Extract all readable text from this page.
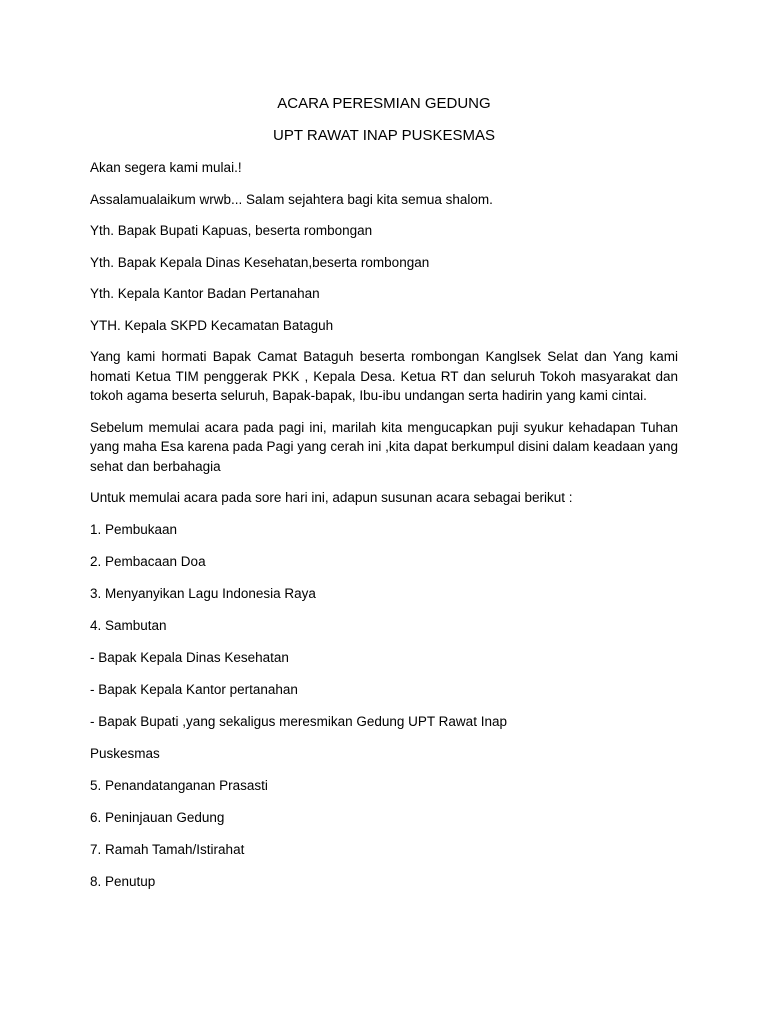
ACARA PERESMIAN GEDUNG

UPT RAWAT INAP PUSKESMAS

Akan segera kami mulai.!

Assalamualaikum wrwb... Salam sejahtera bagi kita semua shalom.

Yth. Bapak Bupati Kapuas, beserta rombongan

Yth. Bapak Kepala Dinas Kesehatan,beserta rombongan

Yth. Kepala Kantor Badan Pertanahan

YTH. Kepala SKPD Kecamatan Bataguh

Yang kami hormati Bapak Camat Bataguh beserta rombongan Kanglsek Selat dan Yang kami homati Ketua TIM penggerak PKK , Kepala Desa. Ketua RT dan seluruh Tokoh masyarakat dan tokoh agama beserta seluruh, Bapak-bapak, Ibu-ibu undangan serta hadirin yang kami cintai.

Sebelum memulai acara pada pagi ini, marilah kita mengucapkan puji syukur kehadapan Tuhan yang maha Esa karena pada Pagi yang cerah ini ,kita dapat berkumpul disini dalam keadaan yang sehat dan berbahagia

Untuk memulai acara pada sore hari ini, adapun susunan acara sebagai berikut :

1. Pembukaan

2. Pembacaan Doa

3. Menyanyikan Lagu Indonesia Raya

4. Sambutan

- Bapak Kepala Dinas Kesehatan

- Bapak Kepala Kantor pertanahan

- Bapak Bupati ,yang sekaligus meresmikan Gedung UPT Rawat Inap

Puskesmas

5. Penandatanganan Prasasti

6. Peninjauan Gedung

7. Ramah Tamah/Istirahat

8. Penutup
